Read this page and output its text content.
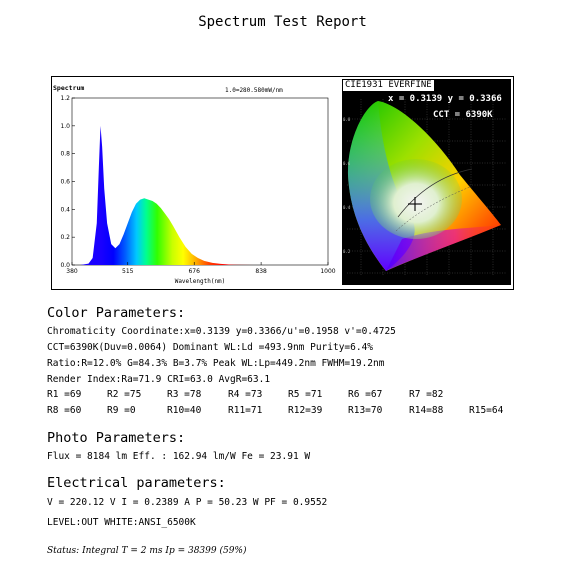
Spectrum Test Report
Spectrum	1.0=280.580mW/nm
0.0
0.2
0.4
0.6
0.8
1.0
1.2
380	515	676	838	1000
Wavelength(nm)
0.8
0.6
0.4
0.2
CIE1931 EVERFINE
x = 0.3139 y = 0.3366
CCT = 6390K
Color Parameters:
Chromaticity Coordinate:x=0.3139 y=0.3366/u'=0.1958 v'=0.4725
CCT=6390K(Duv=0.0064) Dominant WL:Ld =493.9nm Purity=6.4%
Ratio:R=12.0% G=84.3% B=3.7% Peak WL:Lp=449.2nm FWHM=19.2nm
Render Index:Ra=71.9 CRI=63.0 AvgR=63.1
R1 =69	R2 =75	R3 =78	R4 =73	R5 =71	R6 =67	R7 =82
R8 =60	R9 =0	R10=40	R11=71	R12=39	R13=70	R14=88	R15=64
Photo Parameters:
Flux = 8184 lm Eff. : 162.94 lm/W Fe = 23.91 W
Electrical parameters:
V = 220.12 V I = 0.2389 A P = 50.23 W PF = 0.9552
LEVEL:OUT WHITE:ANSI_6500K
Status: Integral T = 2 ms Ip = 38399 (59%)
